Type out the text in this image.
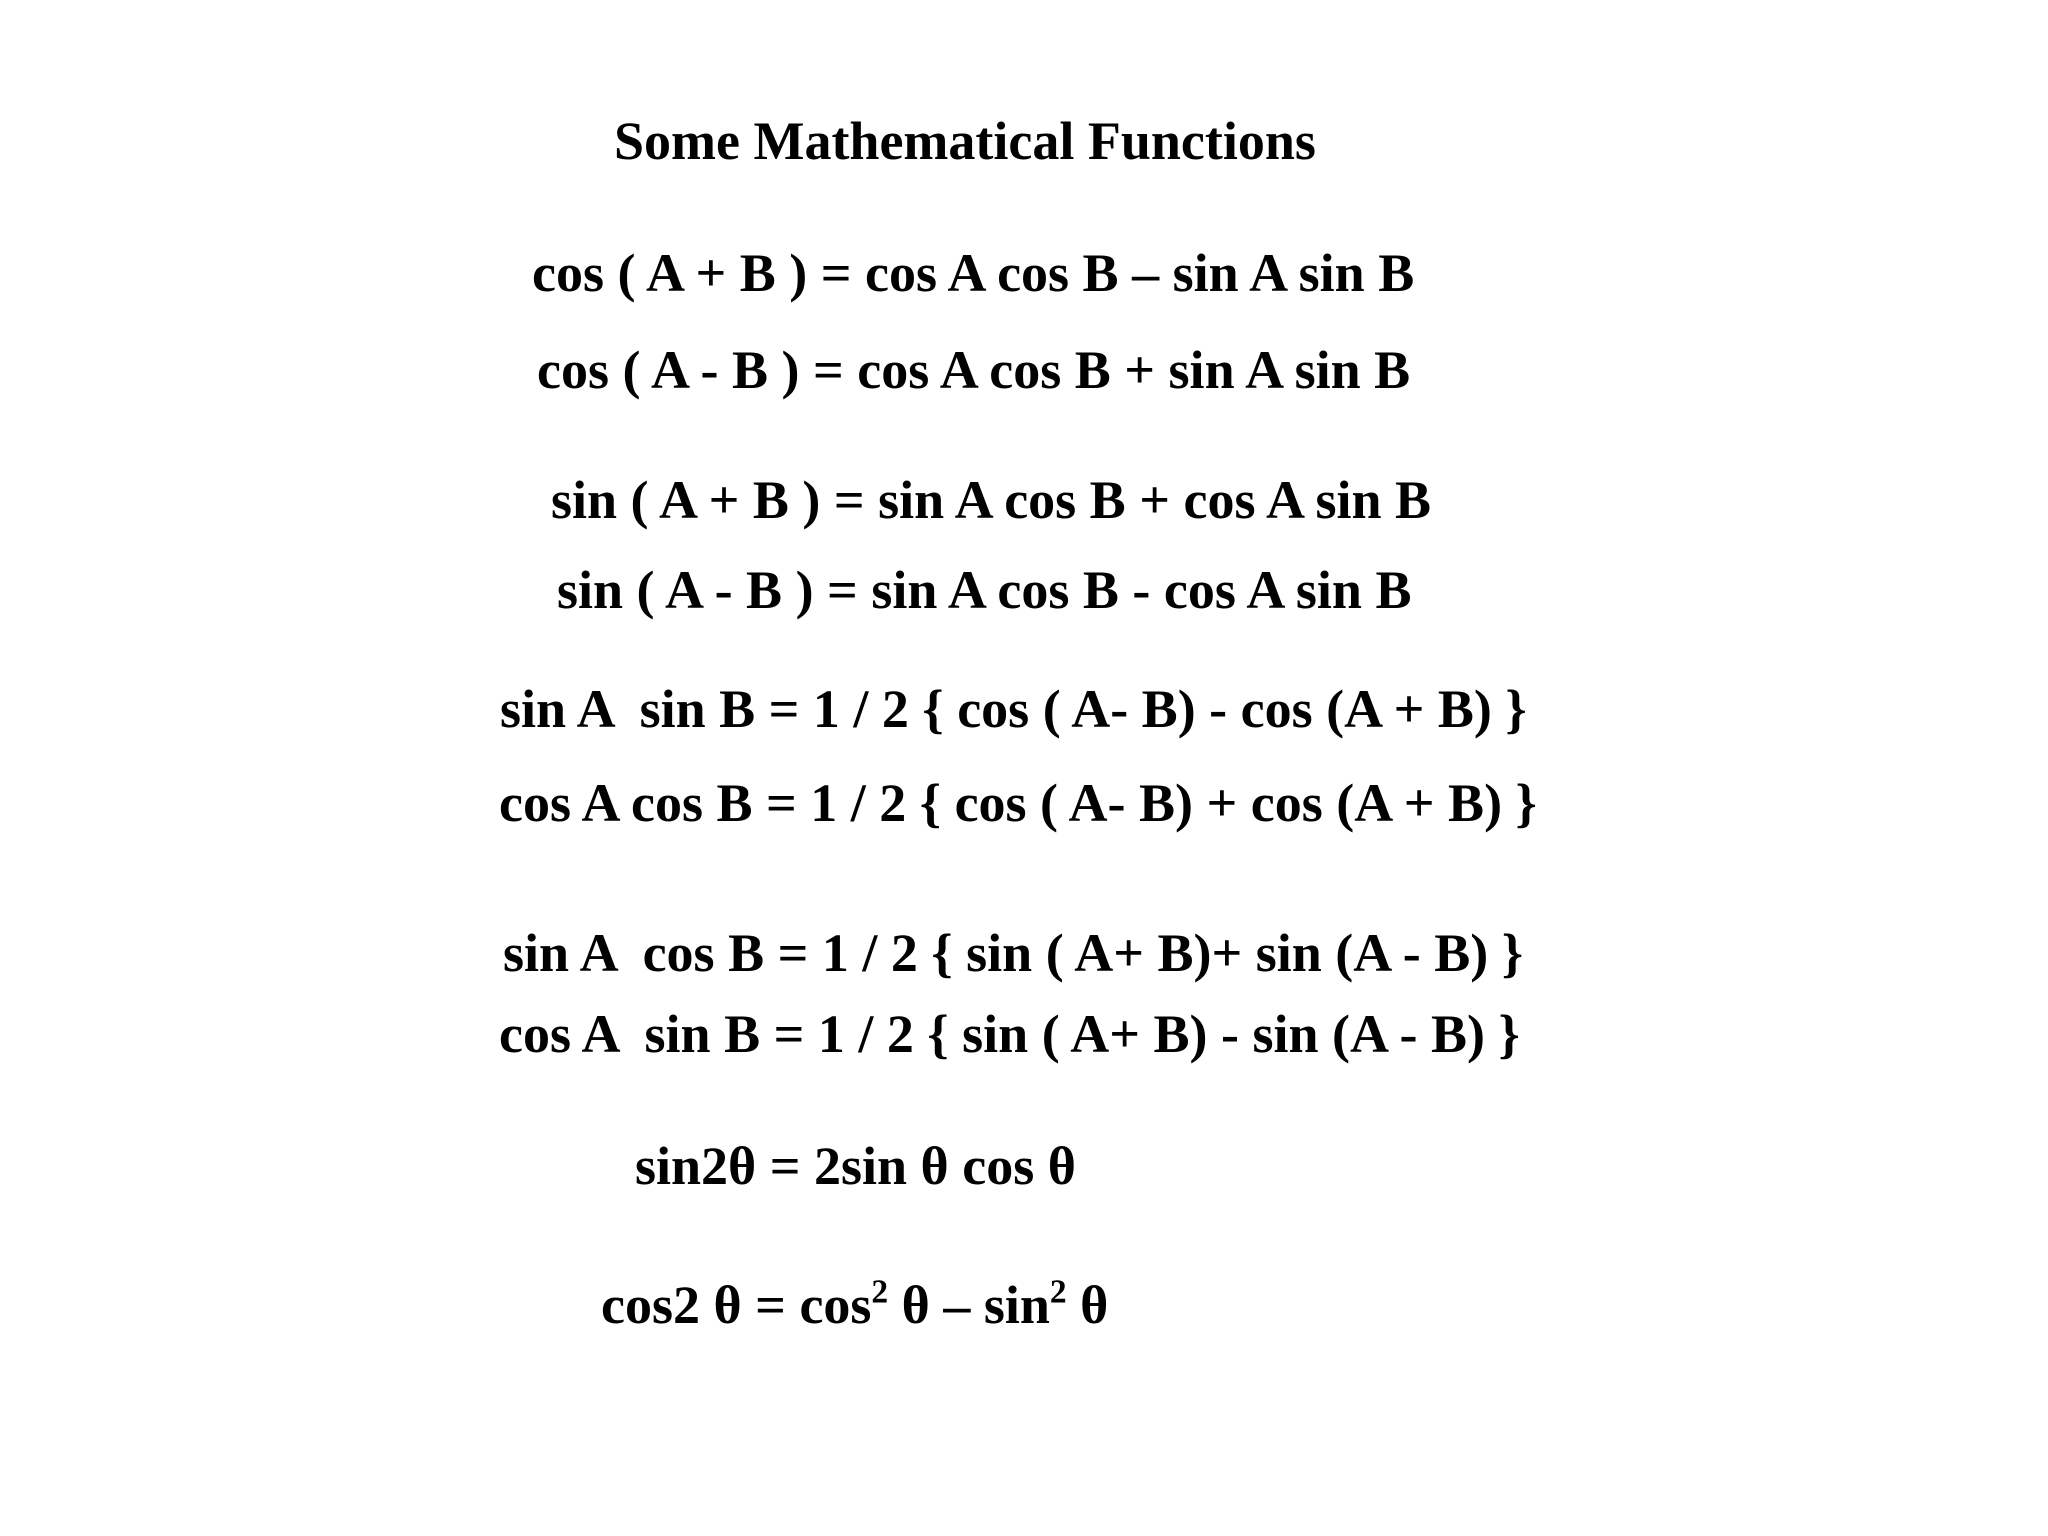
Some Mathematical Functions
cos ( A + B ) = cos A cos B – sin A sin B
cos ( A - B ) = cos A cos B + sin A sin B
sin ( A + B ) = sin A cos B + cos A sin B
sin ( A - B ) = sin A cos B - cos A sin B
sin A  sin B = 1 / 2 { cos ( A- B) - cos (A + B) }
cos A cos B = 1 / 2 { cos ( A- B) + cos (A + B) }
sin A  cos B = 1 / 2 { sin ( A+ B)+ sin (A - B) }
cos A  sin B = 1 / 2 { sin ( A+ B) - sin (A - B) }
sin2θ = 2sin θ cos θ
cos2 $\theta = \cos^2 \theta - \sin^2 \theta$
